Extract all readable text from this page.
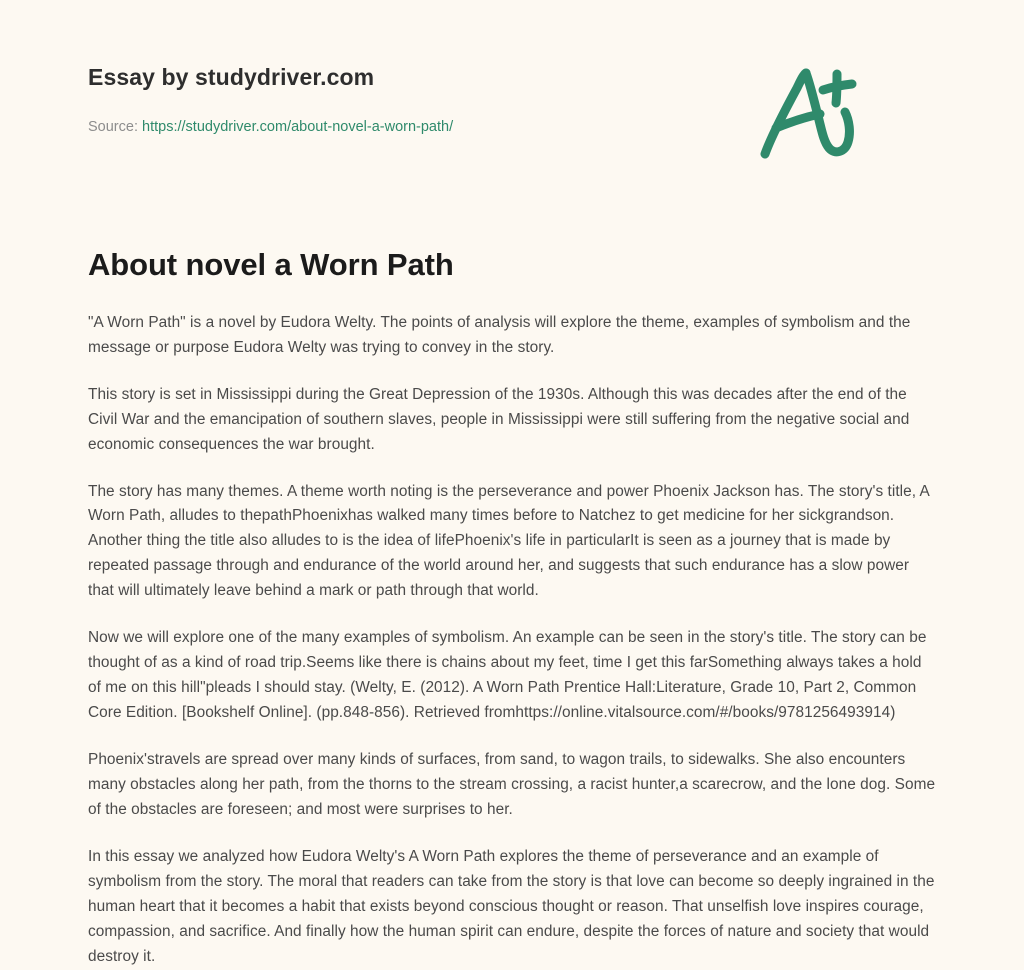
Essay by studydriver.com

Source: https://studydriver.com/about-novel-a-worn-path/

About novel a Worn Path

"A Worn Path" is a novel by Eudora Welty. The points of analysis will explore the theme, examples of symbolism and the message or purpose Eudora Welty was trying to convey in the story.

This story is set in Mississippi during the Great Depression of the 1930s. Although this was decades after the end of the Civil War and the emancipation of southern slaves, people in Mississippi were still suffering from the negative social and economic consequences the war brought.

The story has many themes. A theme worth noting is the perseverance and power Phoenix Jackson has. The story's title, A Worn Path, alludes to thepathPhoenixhas walked many times before to Natchez to get medicine for her sickgrandson. Another thing the title also alludes to is the idea of lifePhoenix's life in particularIt is seen as a journey that is made by repeated passage through and endurance of the world around her, and suggests that such endurance has a slow power that will ultimately leave behind a mark or path through that world.

Now we will explore one of the many examples of symbolism. An example can be seen in the story's title. The story can be thought of as a kind of road trip.Seems like there is chains about my feet, time I get this farSomething always takes a hold of me on this hill"pleads I should stay. (Welty, E. (2012). A Worn Path Prentice Hall:Literature, Grade 10, Part 2, Common Core Edition. [Bookshelf Online]. (pp.848-856). Retrieved fromhttps://online.vitalsource.com/#/books/9781256493914)

Phoenix'stravels are spread over many kinds of surfaces, from sand, to wagon trails, to sidewalks. She also encounters many obstacles along her path, from the thorns to the stream crossing, a racist hunter,a scarecrow, and the lone dog. Some of the obstacles are foreseen; and most were surprises to her.

In this essay we analyzed how Eudora Welty's A Worn Path explores the theme of perseverance and an example of symbolism from the story. The moral that readers can take from the story is that love can become so deeply ingrained in the human heart that it becomes a habit that exists beyond conscious thought or reason. That unselfish love inspires courage, compassion, and sacrifice. And finally how the human spirit can endure, despite the forces of nature and society that would destroy it.
